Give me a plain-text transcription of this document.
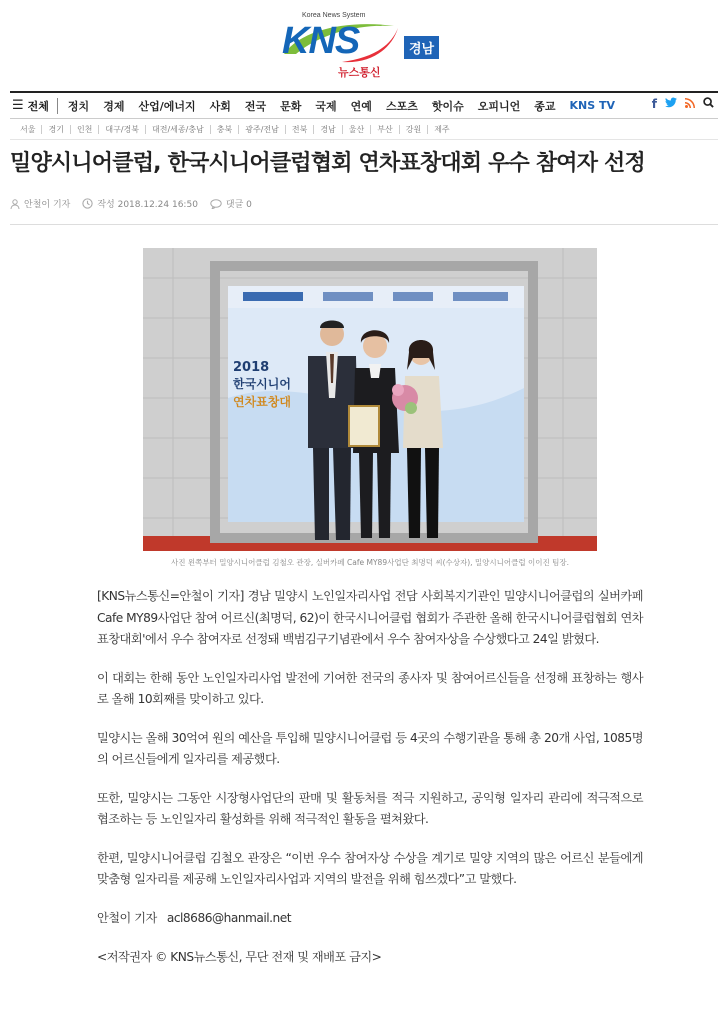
Korea News System
KNS
뉴스통신
경남
☰ 전체	정치 경제 산업/에너지 사회 전국 문화 국제 연예 스포츠 핫이슈 오피니언 종교 KNS TV	f
서울	경기	인천	대구/경북	대전/세종/충남	충북	광주/전남	전북	경남	울산	부산	강원	제주
밀양시니어클럽, 한국시니어클럽협회 연차표창대회 우수 참여자 선정
안철이 기자	작성 2018.12.24 16:50	댓글 0
2018
한국시니어
연차표창대
사진 왼쪽부터 밀양시니어클럽 김철오 관장, 실버카페 Cafe MY89사업단 최명덕 씨(수상자), 밀양시니어클럽 이이진 팀장.

[KNS뉴스통신=안철이 기자] 경남 밀양시 노인일자리사업 전담 사회복지기관인 밀양시니어클럽의 실버카페 Cafe MY89사업단 참여 어르신(최명덕, 62)이 한국시니어클럽 협회가 주관한 올해 한국시니어클럽협회 연차표창대회'에서 우수 참여자로 선정돼 백범김구기념관에서 우수 참여자상을 수상했다고 24일 밝혔다.

이 대회는 한해 동안 노인일자리사업 발전에 기여한 전국의 종사자 및 참여어르신들을 선정해 표창하는 행사로 올해 10회째를 맞이하고 있다.

밀양시는 올해 30억여 원의 예산을 투입해 밀양시니어클럽 등 4곳의 수행기관을 통해 총 20개 사업, 1085명의 어르신들에게 일자리를 제공했다.

또한, 밀양시는 그동안 시장형사업단의 판매 및 활동처를 적극 지원하고, 공익형 일자리 관리에 적극적으로 협조하는 등 노인일자리 활성화를 위해 적극적인 활동을 펼쳐왔다.

한편, 밀양시니어클럽 김철오 관장은 “이번 우수 참여자상 수상을 계기로 밀양 지역의 많은 어르신 분들에게 맞춤형 일자리를 제공해 노인일자리사업과 지역의 발전을 위해 힘쓰겠다”고 말했다.

안철이 기자 acl8686@hanmail.net
<저작권자 © KNS뉴스통신, 무단 전재 및 재배포 금지>
